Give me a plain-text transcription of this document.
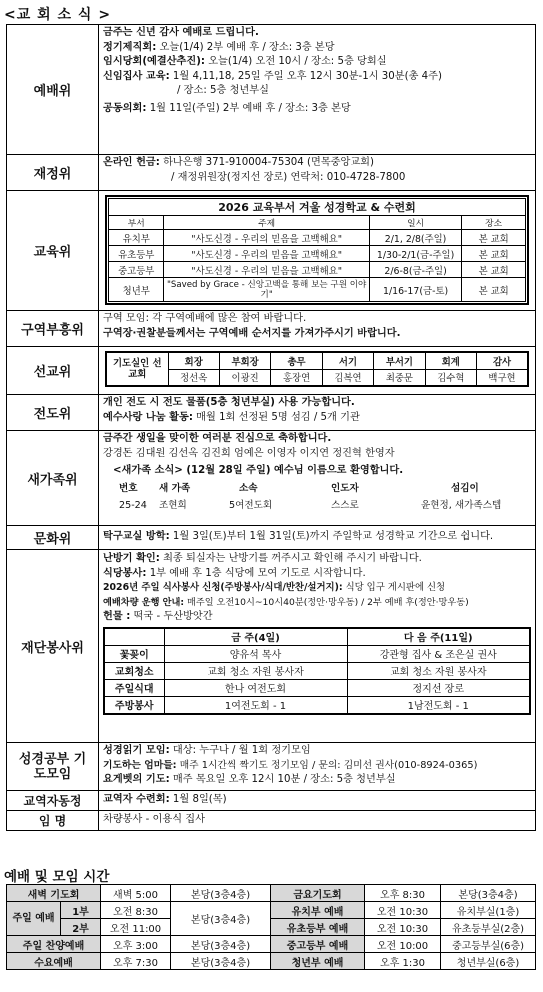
<교 회 소 식 >
예배위	
금주는 신년 감사 예배로 드립니다.
정기제직회: 오늘(1/4) 2부 예배 후 / 장소: 3층 본당
임시당회(예결산추진): 오늘(1/4) 오전 10시 / 장소: 5층 당회실
신임집사 교육: 1월 4,11,18, 25일 주일 오후 12시 30분-1시 30분(총 4주)
/ 장소: 5층 청년부실
공동의회: 1월 11일(주일) 2부 예배 후 / 장소: 3층 본당

재정위	
온라인 헌금: 하나은행 371-910004-75304 (면목중앙교회)
/ 재정위원장(정지선 장로) 연락처: 010-4728-7800

교육위	
2026 교육부서 겨울 성경학교 & 수련회
부서	주제	일시	장소
유치부	"사도신경 - 우리의 믿음을 고백해요"	2/1, 2/8(주일)	본 교회
유초등부	"사도신경 - 우리의 믿음을 고백해요"	1/30-2/1(금-주일)	본 교회
중고등부	"사도신경 - 우리의 믿음을 고백해요"	2/6-8(금-주일)	본 교회
청년부	"Saved by Grace - 신앙고백을 통해 보는 구원 이야기"	1/16-17(금-토)	본 교회

구역부흥위	
구역 모임: 각 구역예배에 많은 참여 바랍니다.
구역장·권찰분들께서는 구역예배 순서지를 가져가주시기 바랍니다.

선교위	
기도실인 선교회	회장	부회장	총무	서기	부서기	회계	감사
정선옥	이광진	홍장연	김복연	최중문	김수혁	백구현

전도위	
개인 전도 시 전도 물품(5층 청년부실) 사용 가능합니다.
예수사랑 나눔 활동: 매월 1회 선정된 5명 섬김 / 5개 기관

새가족위	
금주간 생일을 맞이한 여러분 진심으로 축하합니다.
강경돈 김대원 김선옥 김진희 엄예은 이영자 이지연 정진혁 한영자
<새가족 소식> (12월 28일 주일) 예수님 이름으로 환영합니다.
번호	새 가족	소속	인도자	섬김이
25-24	조현희	5여전도회	스스로	윤현정, 새가족스텝

문화위	탁구교실 방학: 1월 3일(토)부터 1월 31일(토)까지 주일학교 성경학교 기간으로 쉽니다.

재단봉사위	
난방기 확인: 최종 퇴실자는 난방기를 꺼주시고 확인해 주시기 바랍니다.
식당봉사: 1부 예배 후 1층 식당에 모여 기도로 시작합니다.
2026년 주일 식사봉사 신청(주방봉사/식대/반찬/설거지): 식당 입구 게시판에 신청
예배차량 운행 안내: 매주일 오전10시~10시40분(정안·망우동) / 2부 예배 후(정안·망우동)
헌물 : 떡국 - 두산방앗간
	금 주(4일)	다 음 주(11일)
꽃꽂이	양유석 목사	강관형 집사 & 조은실 권사
교회청소	교회 청소 자원 봉사자	교회 청소 자원 봉사자
주일식대	한나 여전도회	정지선 장로
주방봉사	1여전도회 - 1	1남전도회 - 1

성경공부 기도모임	
성경읽기 모임: 대상: 누구나 / 월 1회 정기모임
기도하는 엄마들: 매주 1시간씩 짝기도 정기모임 / 문의: 김미선 권사(010-8924-0365)
요게벳의 기도: 매주 목요일 오후 12시 10분 / 장소: 5층 청년부실

교역자동정	교역자 수련회: 1월 8일(목)

임 명	차량봉사 - 이용식 집사
예배 및 모임 시간
새벽 기도회		새벽 5:00	본당(3층4층)	금요기도회	오후 8:30	본당(3층4층)
주일 예배	1부	오전 8:30	본당(3층4층)	유치부 예배	오전 10:30	유치부실(1층)
	2부	오전 11:00		유초등부 예배	오전 10:30	유초등부실(2층)
주일 찬양예배		오후 3:00	본당(3층4층)	중고등부 예배	오전 10:00	중고등부실(6층)
수요예배		오후 7:30	본당(3층4층)	청년부 예배	오후 1:30	청년부실(6층)
